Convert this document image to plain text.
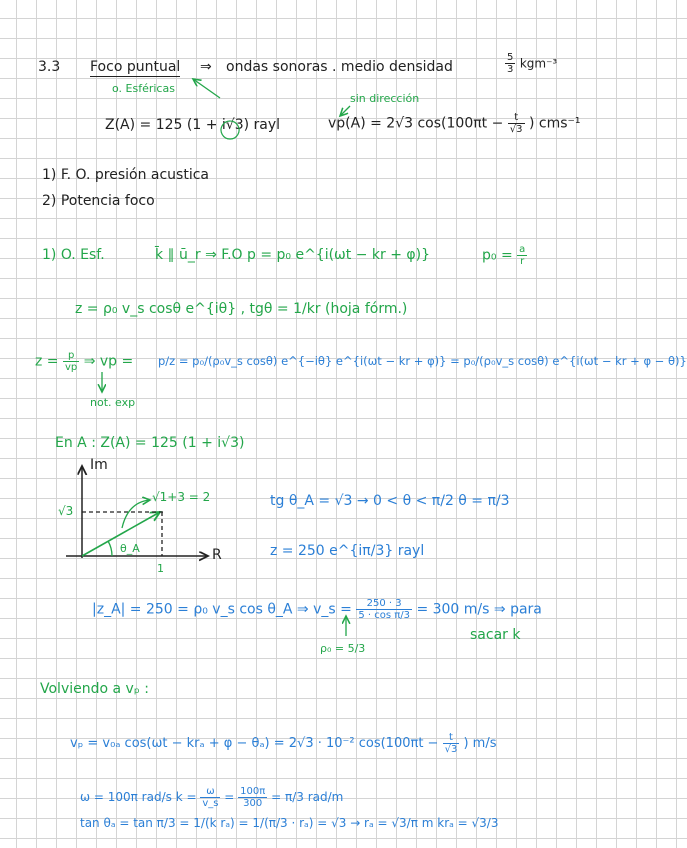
3.3 Foco puntual ⇒ ondas sonoras . medio densidad	$\frac{5}{3} kgm^{-3}$
o. Esféricas
sin dirección
Z(A) = 125 (1 + i√3) rayl	vp(A) = 2√3 $\cos(100\pi t - \frac{t}{√3}$ ) cms⁻¹
1) F. O. presión acustica
2) Potencia foco
1) O. Esf.	k̄ ∥ ū_r ⇒ F.O p = p₀ e^{i(ωt − kr + φ)}	$p_0 = \frac{a}{r}$
z = ρ₀ v_s cosθ e^{iθ} , tgθ = 1/kr (hoja fórm.)
$z = \frac{p}{vp}$ ⇒ vp = p/z = p₀/(ρ₀v_s cosθ) e^{−iθ} e^{i(ωt − kr + φ)} = p₀/(ρ₀v_s cosθ) e^{i(ωt − kr + φ − θ)}
not. exp
En A : Z(A) = 125 (1 + i√3)
Im
R
√3
√1+3 = 2
θ_A
1
tg θ_A = √3 → 0 < θ < π/2 θ = π/3
z = 250 e^{iπ/3} rayl
|z_A| = 250 = ρ₀ v_s cos θ_A ⇒ v_s = $\frac{250 \cdot 3}{\text{5 · cos π/3}} = 300$ m/s ⇒ para
sacar k
ρ₀ = 5/3
Volviendo a vₚ :
vₚ = v₀ₐ cos(ωt − krₐ + φ − θₐ) = 2√3 · 10⁻² $\cos(100\pi t - \frac{t}{√3}$ ) m/s
ω = 100π rad/s $k = \frac{\omega}{v\_s} = \frac{100\pi}{300} = \pi/3$ rad/m
tan θₐ = tan π/3 = 1/(k rₐ) = 1/(π/3 · rₐ) = √3 → rₐ = √3/π m krₐ = √3/3
